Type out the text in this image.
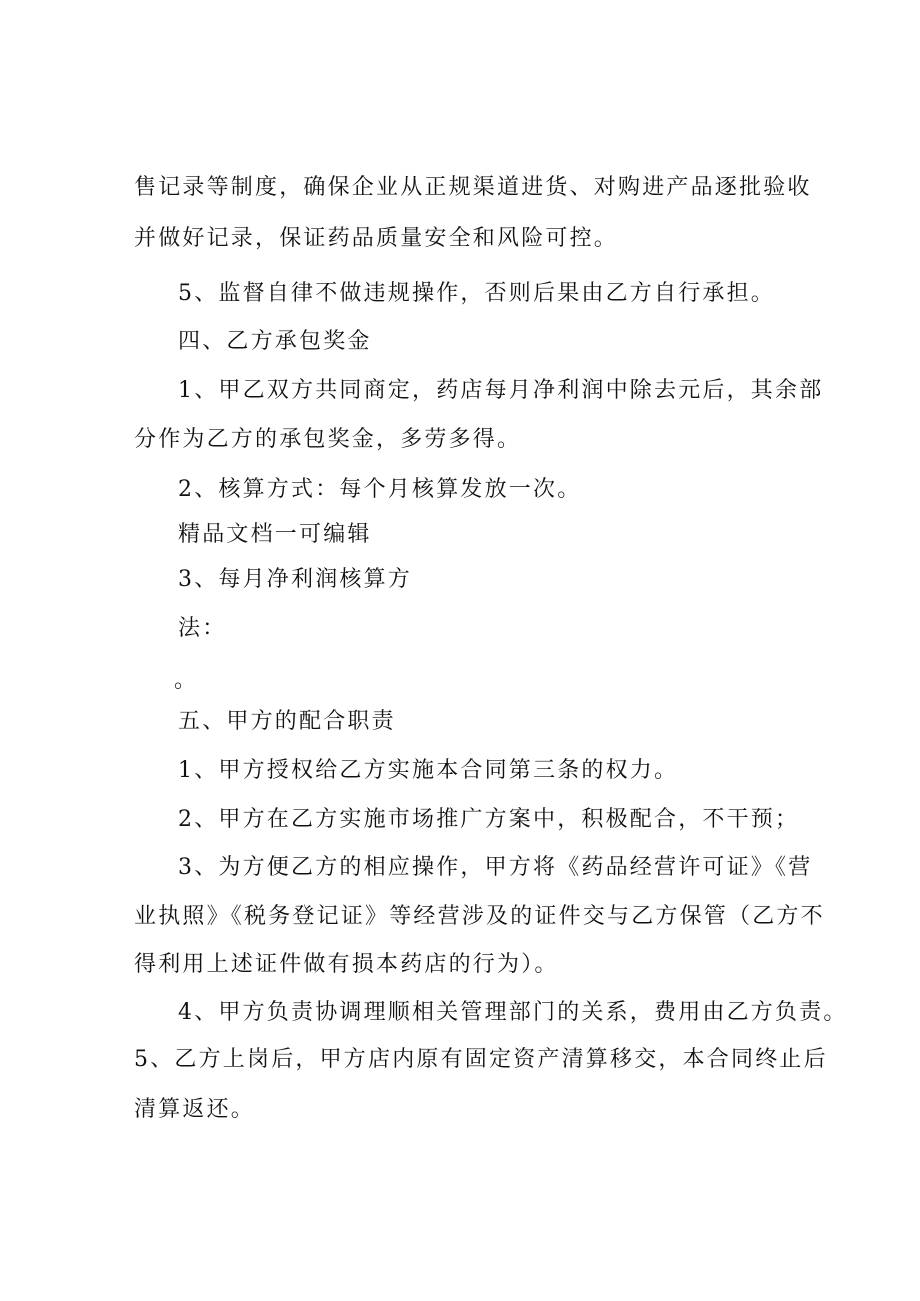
售记录等制度，确保企业从正规渠道进货、对购进产品逐批验收
并做好记录，保证药品质量安全和风险可控。
5、监督自律不做违规操作，否则后果由乙方自行承担。
四、乙方承包奖金
1、甲乙双方共同商定，药店每月净利润中除去元后，其余部
分作为乙方的承包奖金，多劳多得。
2、核算方式：每个月核算发放一次。
精品文档一可编辑
3、每月净利润核算方
法：
。
五、甲方的配合职责
1、甲方授权给乙方实施本合同第三条的权力。
2、甲方在乙方实施市场推广方案中，积极配合，不干预；
3、为方便乙方的相应操作，甲方将《药品经营许可证》《营
业执照》《税务登记证》等经营涉及的证件交与乙方保管（乙方不
得利用上述证件做有损本药店的行为）。
4、甲方负责协调理顺相关管理部门的关系，费用由乙方负责。
5、乙方上岗后，甲方店内原有固定资产清算移交，本合同终止后
清算返还。
